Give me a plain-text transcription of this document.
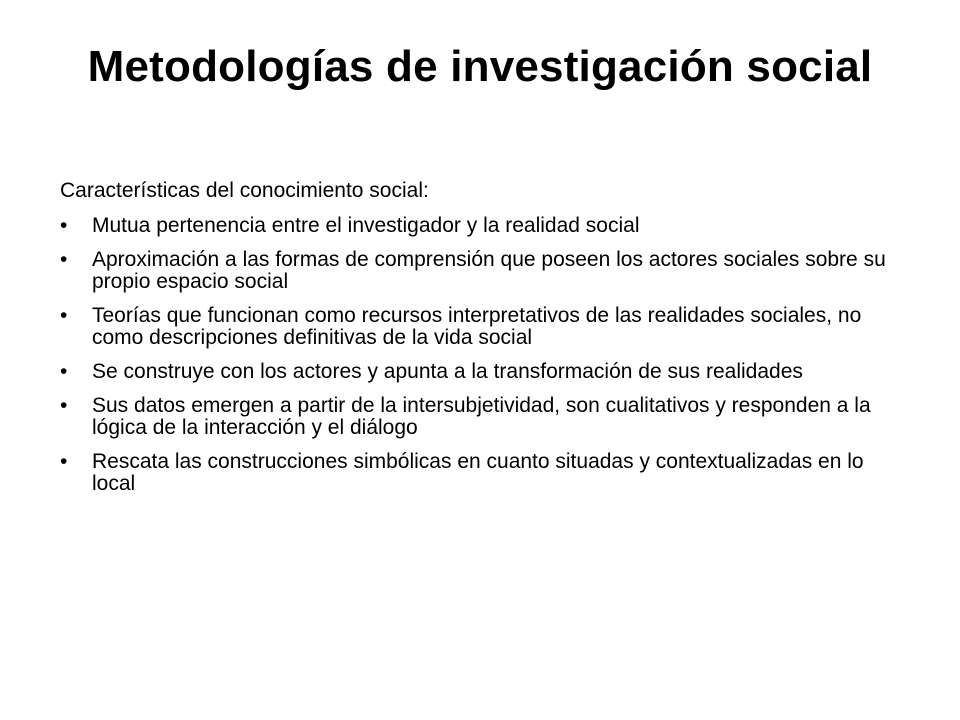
Metodologías de investigación social

Características del conocimiento social:

•	Mutua pertenencia entre el investigador y la realidad social
•	Aproximación a las formas de comprensión que poseen los actores sociales sobre su propio espacio social
•	Teorías que funcionan como recursos interpretativos de las realidades sociales, no como descripciones definitivas de la vida social
•	Se construye con los actores y apunta a la transformación de sus realidades
•	Sus datos emergen a partir de la intersubjetividad, son cualitativos y responden a la lógica de la interacción y el diálogo
•	Rescata las construcciones simbólicas en cuanto situadas y contextualizadas en lo local
